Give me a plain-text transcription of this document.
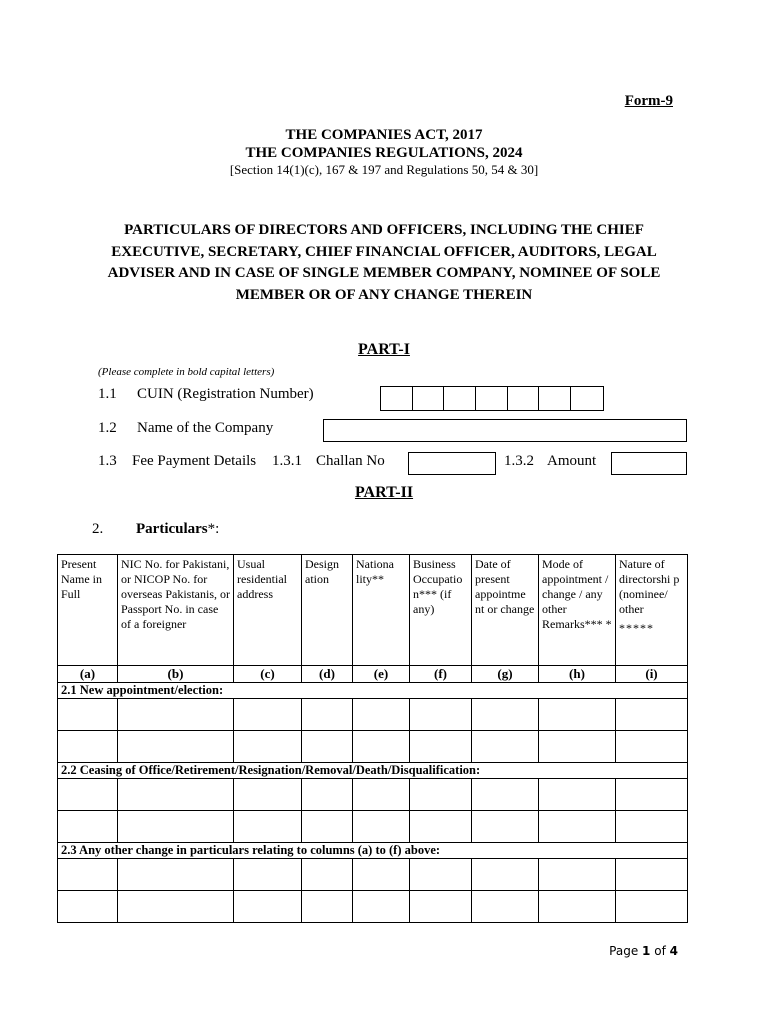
Form-9
THE COMPANIES ACT, 2017
THE COMPANIES REGULATIONS, 2024
[Section 14(1)(c), 167 & 197 and Regulations 50, 54 & 30]
PARTICULARS OF DIRECTORS AND OFFICERS, INCLUDING THE CHIEF EXECUTIVE, SECRETARY, CHIEF FINANCIAL OFFICER, AUDITORS, LEGAL ADVISER AND IN CASE OF SINGLE MEMBER COMPANY, NOMINEE OF SOLE MEMBER OR OF ANY CHANGE THEREIN
PART-I
(Please complete in bold capital letters)
1.1 CUIN (Registration Number)
1.2 Name of the Company
1.3 Fee Payment Details 1.3.1 Challan No	1.3.2 Amount
PART-II
2. Particulars*:
Present Name in Full	NIC No. for Pakistani, or NICOP No. for overseas Pakistanis, or Passport No. in case of a foreigner	Usual residential address	Design ation	Nationa lity**	Business Occupatio n*** (if any)	Date of present appointme nt or change	Mode of appointment / change / any other Remarks*** *	Nature of directorshi p (nominee/ other
*****

(a)	(b)	(c)	(d)	(e)	(f)	(g)	(h)	(i)
2.1 New appointment/election:								

2.2 Ceasing of Office/Retirement/Resignation/Removal/Death/Disqualification:								

2.3 Any other change in particulars relating to columns (a) to (f) above:								

Page 1 of 4
